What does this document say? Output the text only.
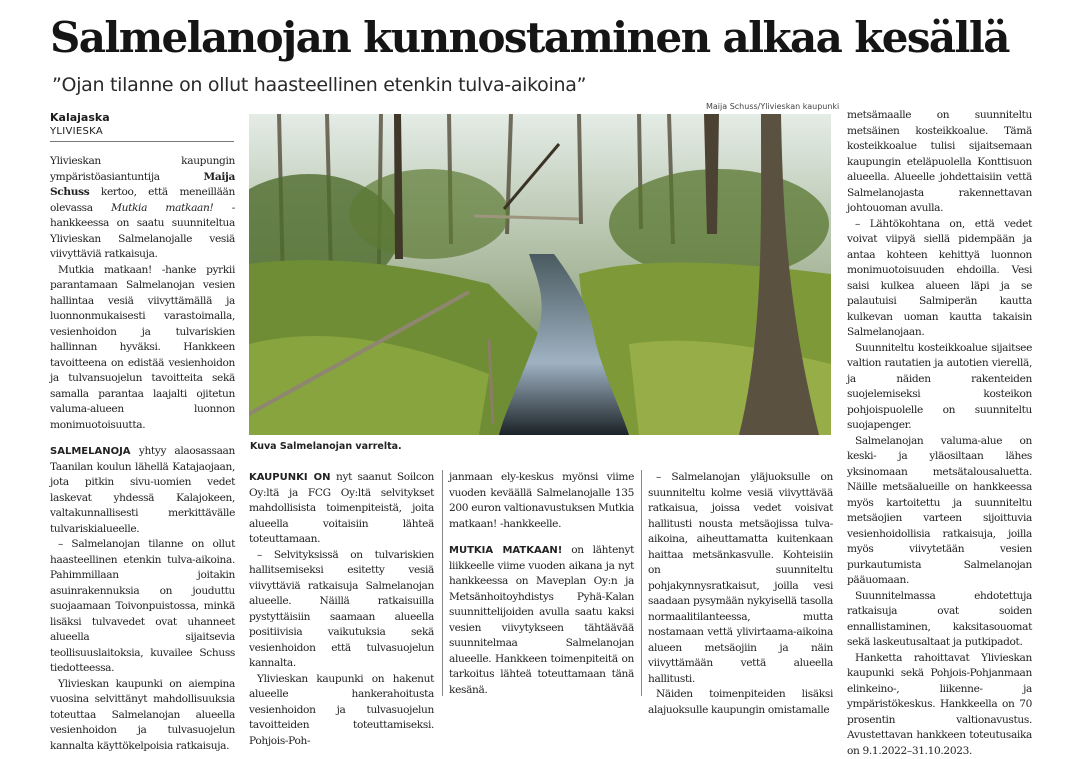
Salmelanojan kunnostaminen alkaa kesällä
”Ojan tilanne on ollut haasteellinen etenkin tulva-aikoina”
Kalajaska
YLIVIESKA
Maija Schuss/Ylivieskan kaupunki
Kuva Salmelanojan varrelta.

Ylivieskan kaupungin ympäristöasiantuntija Maija Schuss kertoo, että meneillään olevassa Mutkia matkaan! -hankkeessa on saatu suunniteltua Ylivieskan Salmelanojalle vesiä viivyttäviä ratkaisuja.

Mutkia matkaan! -hanke pyrkii parantamaan Salmelanojan vesien hallintaa vesiä viivyttämällä ja luonnonmukaisesti varastoimalla, vesienhoidon ja tulvariskien hallinnan hyväksi. Hankkeen tavoitteena on edistää vesienhoidon ja tulvansuojelun tavoitteita sekä samalla parantaa laajalti ojitetun valuma-alueen luonnon monimuotoisuutta.

SALMELANOJA yhtyy alaosassaan Taanilan koulun lähellä Katajaojaan, jota pitkin sivu-uomien vedet laskevat yhdessä Kalajokeen, valtakunnallisesti merkittävälle tulvariskialueelle.

– Salmelanojan tilanne on ollut haasteellinen etenkin tulva-aikoina. Pahimmillaan joitakin asuinrakennuksia on jouduttu suojaamaan Toivonpuistossa, minkä lisäksi tulvavedet ovat uhanneet alueella sijaitsevia teollisuuslaitoksia, kuvailee Schuss tiedotteessa.

Ylivieskan kaupunki on aiempina vuosina selvittänyt mahdollisuuksia toteuttaa Salmelanojan alueella vesienhoidon ja tulvasuojelun kannalta käyttökelpoisia ratkaisuja.

KAUPUNKI ON nyt saanut Soilcon Oy:ltä ja FCG Oy:ltä selvitykset mahdollisista toimenpiteistä, joita alueella voitaisiin lähteä toteuttamaan.

– Selvityksissä on tulvariskien hallitsemiseksi esitetty vesiä viivyttäviä ratkaisuja Salmelanojan alueelle. Näillä ratkaisuilla pystyttäisiin saamaan alueella positiivisia vaikutuksia sekä vesienhoidon että tulvasuojelun kannalta.

Ylivieskan kaupunki on hakenut alueelle hankerahoitusta vesienhoidon ja tulvasuojelun tavoitteiden toteuttamiseksi. Pohjois-Poh-

janmaan ely-keskus myönsi viime vuoden keväällä Salmelanojalle 135 200 euron valtionavustuksen Mutkia matkaan! -hankkeelle.

MUTKIA MATKAAN! on lähtenyt liikkeelle viime vuoden aikana ja nyt hankkeessa on Maveplan Oy:n ja Metsänhoitoyhdistys Pyhä-Kalan suunnittelijoiden avulla saatu kaksi vesien viivytykseen tähtäävää suunnitelmaa Salmelanojan alueelle. Hankkeen toimenpiteitä on tarkoitus lähteä toteuttamaan tänä kesänä.

– Salmelanojan yläjuoksulle on suunniteltu kolme vesiä viivyttävää ratkaisua, joissa vedet voisivat hallitusti nousta metsäojissa tulva-aikoina, aiheuttamatta kuitenkaan haittaa metsänkasvulle. Kohteisiin on suunniteltu pohjakynnysratkaisut, joilla vesi saadaan pysymään nykyisellä tasolla normaalitilanteessa, mutta nostamaan vettä ylivirtaama-aikoina alueen metsäojiin ja näin viivyttämään vettä alueella hallitusti.

Näiden toimenpiteiden lisäksi alajuoksulle kaupungin omistamalle

metsämaalle on suunniteltu metsäinen kosteikkoalue. Tämä kosteikkoalue tulisi sijaitsemaan kaupungin eteläpuolella Konttisuon alueella. Alueelle johdettaisiin vettä Salmelanojasta rakennettavan johtouoman avulla.

– Lähtökohtana on, että vedet voivat viipyä siellä pidempään ja antaa kohteen kehittyä luonnon monimuotoisuuden ehdoilla. Vesi saisi kulkea alueen läpi ja se palautuisi Salmiperän kautta kulkevan uoman kautta takaisin Salmelanojaan.

Suunniteltu kosteikkoalue sijaitsee valtion rautatien ja autotien vierellä, ja näiden rakenteiden suojelemiseksi kosteikon pohjoispuolelle on suunniteltu suojapenger.

Salmelanojan valuma-alue on keski- ja yläosiltaan lähes yksinomaan metsätalousaluetta. Näille metsäalueille on hankkeessa myös kartoitettu ja suunniteltu metsäojien varteen sijoittuvia vesienhoidollisia ratkaisuja, joilla myös viivytetään vesien purkautumista Salmelanojan pääuomaan.

Suunnitelmassa ehdotettuja ratkaisuja ovat soiden ennallistaminen, kaksitasouomat sekä laskeutusaltaat ja putkipadot.

Hanketta rahoittavat Ylivieskan kaupunki sekä Pohjois-Pohjanmaan elinkeino-, liikenne- ja ympäristökeskus. Hankkeella on 70 prosentin valtionavustus. Avustettavan hankkeen toteutusaika on 9.1.2022–31.10.2023.
